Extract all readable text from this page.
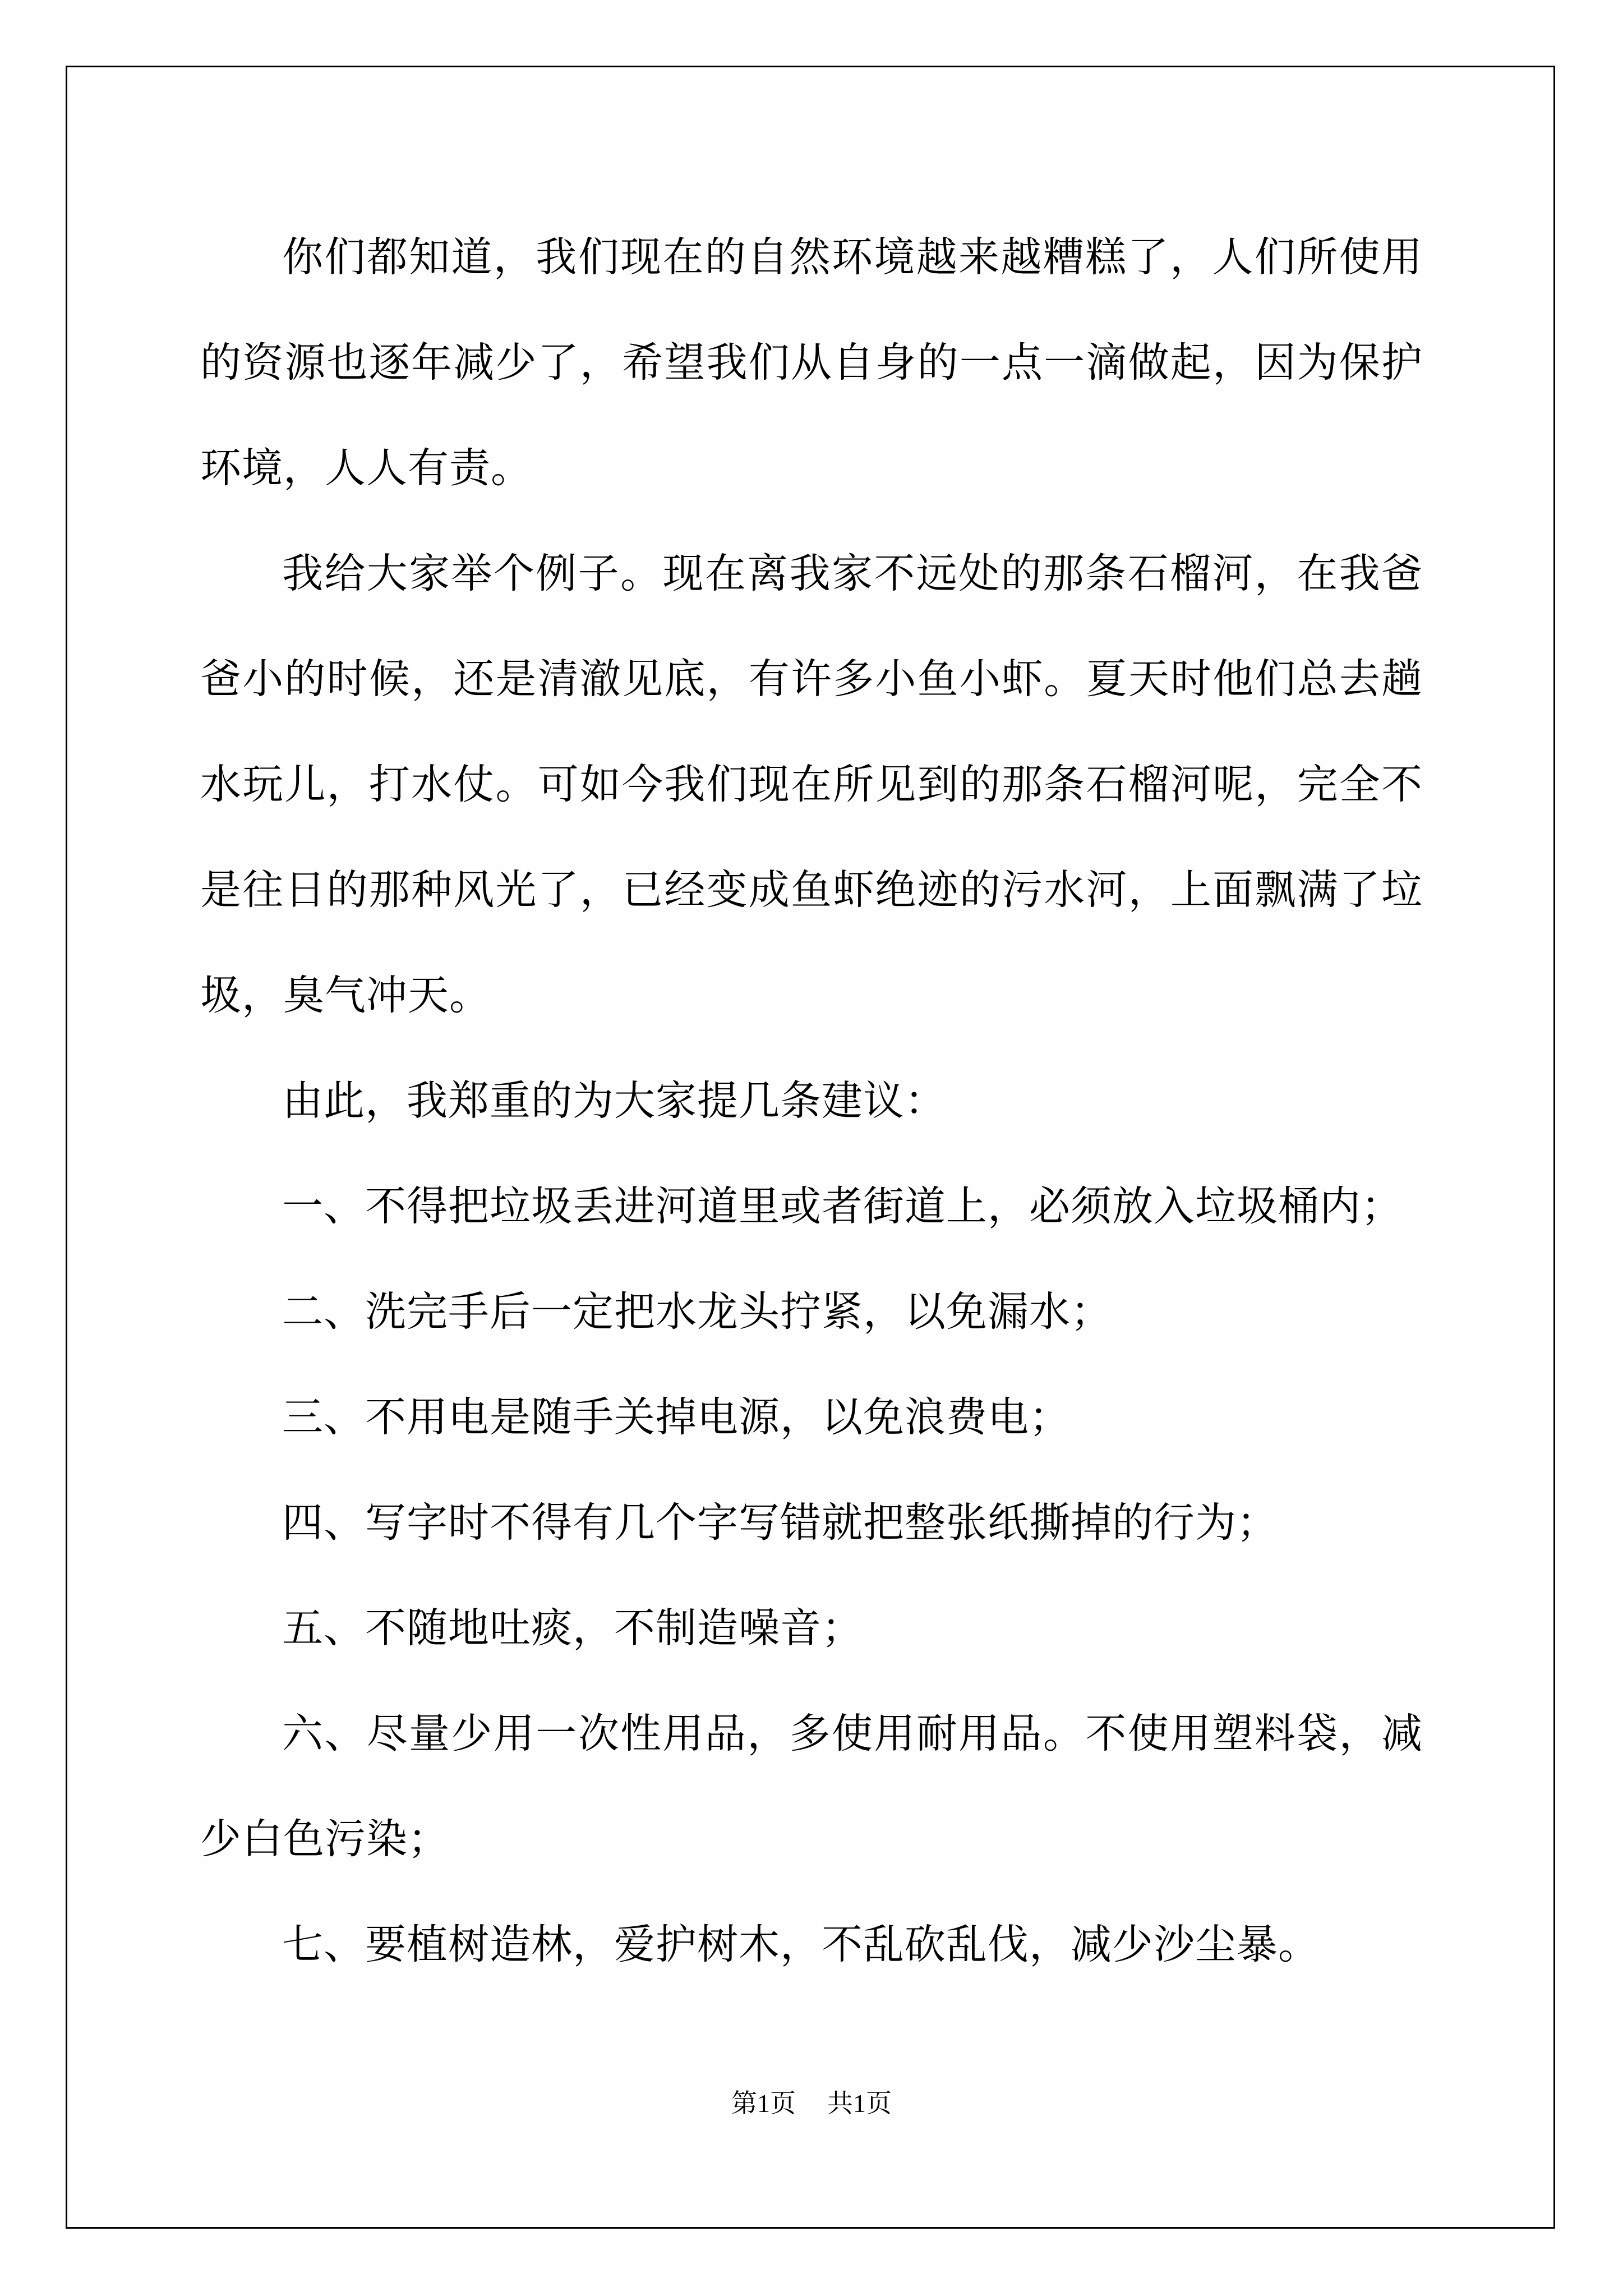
你们都知道，我们现在的自然环境越来越糟糕了，人们所使用的资源也逐年减少了，希望我们从自身的一点一滴做起，因为保护环境，人人有责。

我给大家举个例子。现在离我家不远处的那条石榴河，在我爸爸小的时候，还是清澈见底，有许多小鱼小虾。夏天时他们总去趟水玩儿，打水仗。可如今我们现在所见到的那条石榴河呢，完全不是往日的那种风光了，已经变成鱼虾绝迹的污水河，上面飘满了垃圾，臭气冲天。

由此，我郑重的为大家提几条建议：

一、不得把垃圾丢进河道里或者街道上，必须放入垃圾桶内；

二、洗完手后一定把水龙头拧紧，以免漏水；

三、不用电是随手关掉电源，以免浪费电；

四、写字时不得有几个字写错就把整张纸撕掉的行为；

五、不随地吐痰，不制造噪音；

六、尽量少用一次性用品，多使用耐用品。不使用塑料袋，减少白色污染；

七、要植树造林，爱护树木，不乱砍乱伐，减少沙尘暴。

第1页 共1页
